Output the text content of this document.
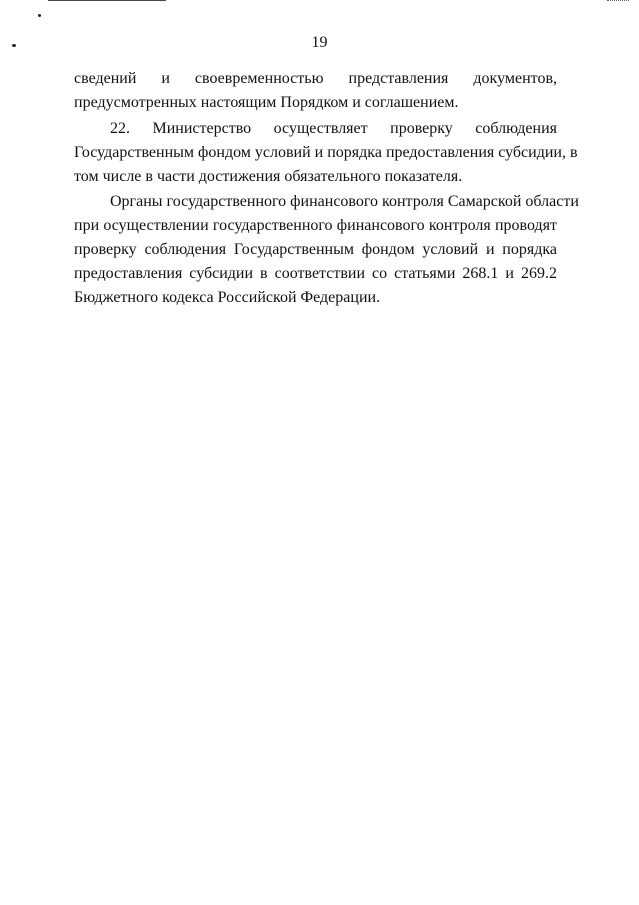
19
сведений и своевременностью представления документов,
предусмотренных настоящим Порядком и соглашением.
22. Министерство осуществляет проверку соблюдения
Государственным фондом условий и порядка предоставления субсидии, в
том числе в части достижения обязательного показателя.
Органы государственного финансового контроля Самарской области
при осуществлении государственного финансового контроля проводят
проверку соблюдения Государственным фондом условий и порядка
предоставления субсидии в соответствии со статьями 268.1 и 269.2
Бюджетного кодекса Российской Федерации.
